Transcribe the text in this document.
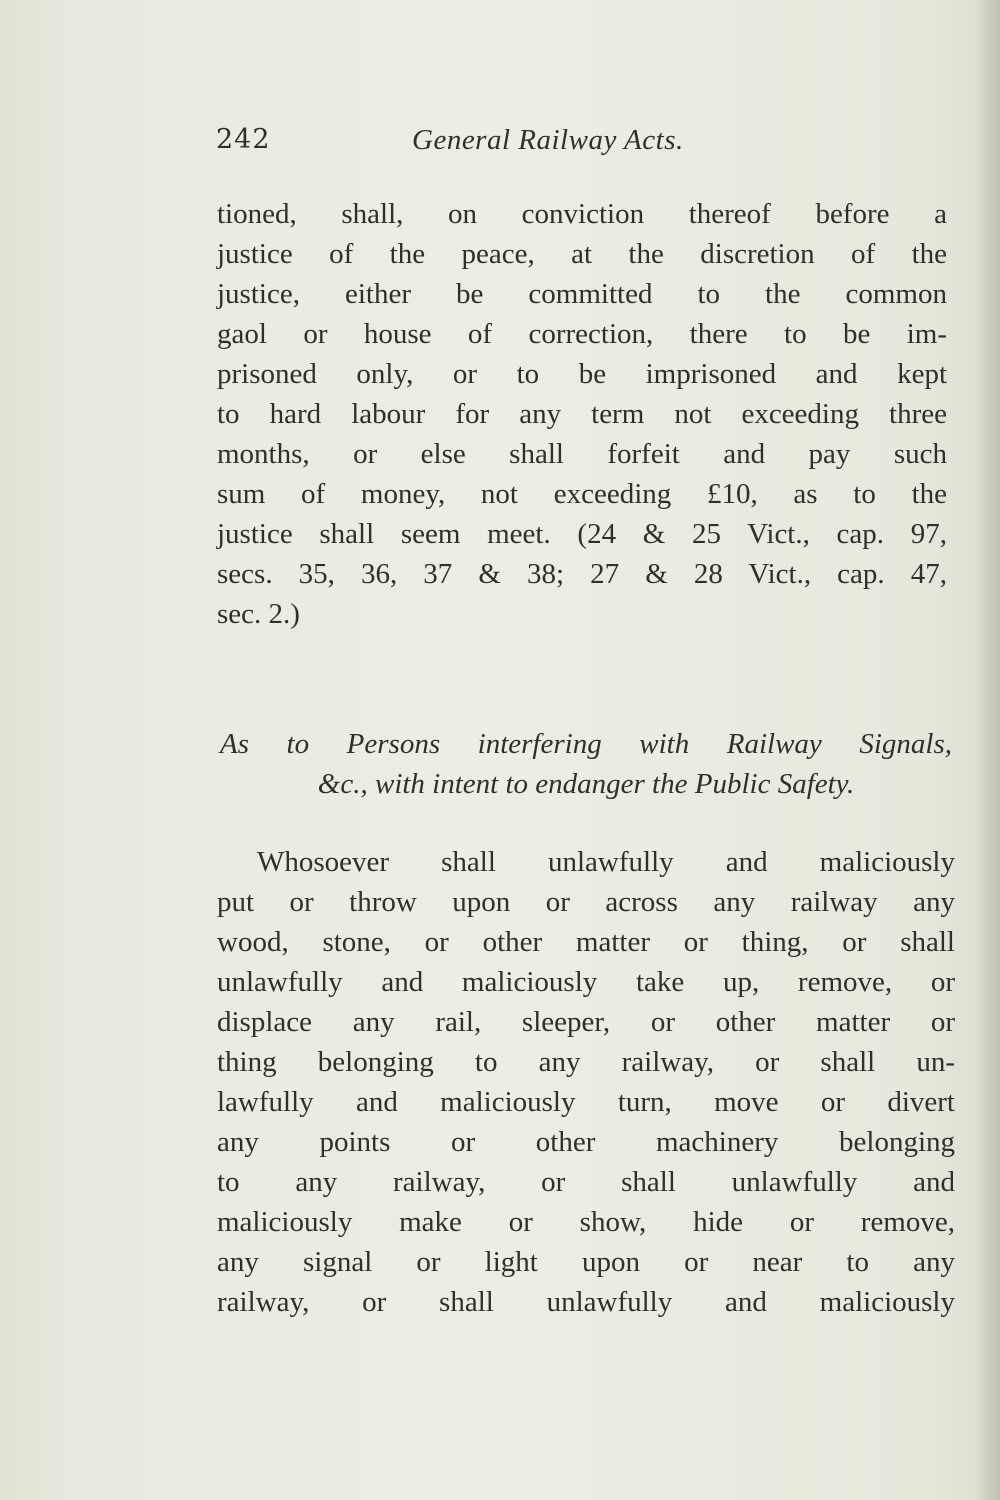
242	General Railway Acts.
tioned, shall, on conviction thereof before a
justice of the peace, at the discretion of the
justice, either be committed to the common
gaol or house of correction, there to be im-
prisoned only, or to be imprisoned and kept
to hard labour for any term not exceeding three
months, or else shall forfeit and pay such
sum of money, not exceeding £10, as to the
justice shall seem meet. (24 & 25 Vict., cap. 97,
secs. 35, 36, 37 & 38; 27 & 28 Vict., cap. 47,
sec. 2.)
As to Persons interfering with Railway Signals,
&c., with intent to endanger the Public Safety.
Whosoever shall unlawfully and maliciously
put or throw upon or across any railway any
wood, stone, or other matter or thing, or shall
unlawfully and maliciously take up, remove, or
displace any rail, sleeper, or other matter or
thing belonging to any railway, or shall un-
lawfully and maliciously turn, move or divert
any points or other machinery belonging
to any railway, or shall unlawfully and
maliciously make or show, hide or remove,
any signal or light upon or near to any
railway, or shall unlawfully and maliciously
